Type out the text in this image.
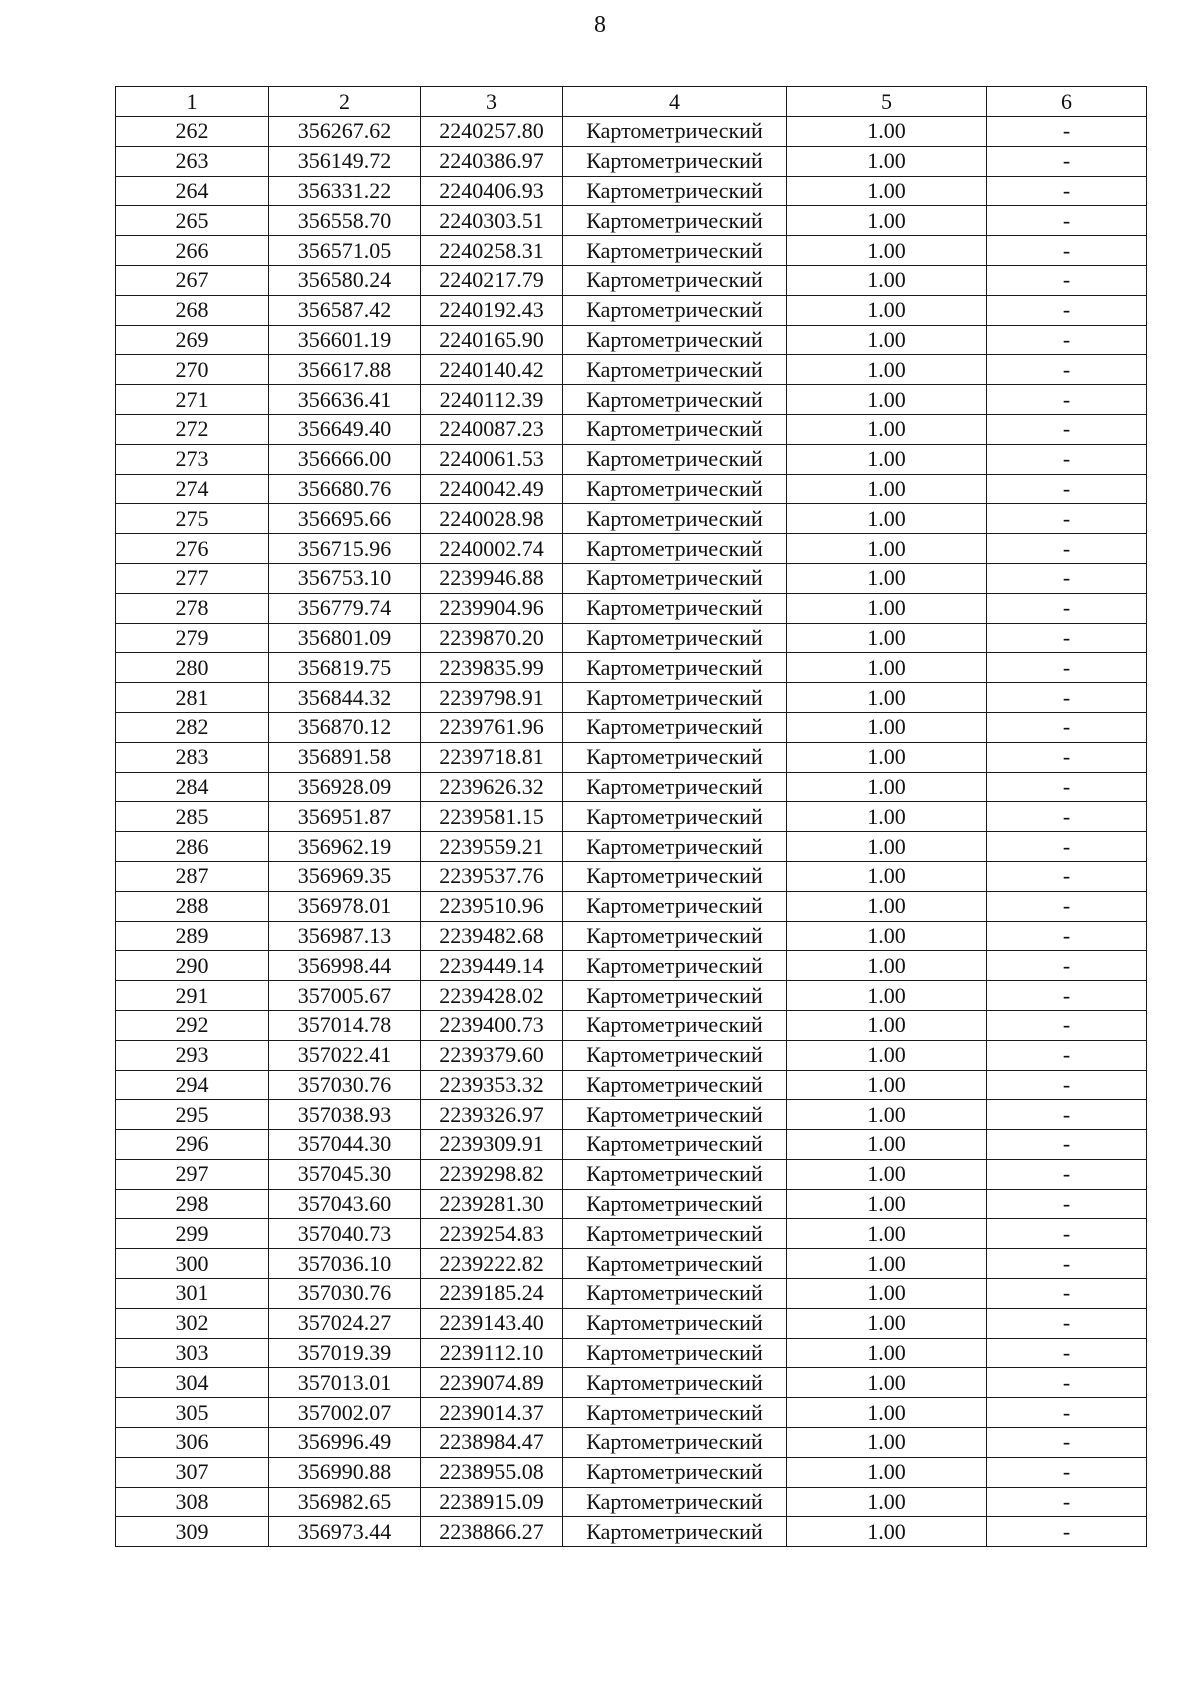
8
1	2	3	4	5	6
262	356267.62	2240257.80	Картометрический	1.00	-
263	356149.72	2240386.97	Картометрический	1.00	-
264	356331.22	2240406.93	Картометрический	1.00	-
265	356558.70	2240303.51	Картометрический	1.00	-
266	356571.05	2240258.31	Картометрический	1.00	-
267	356580.24	2240217.79	Картометрический	1.00	-
268	356587.42	2240192.43	Картометрический	1.00	-
269	356601.19	2240165.90	Картометрический	1.00	-
270	356617.88	2240140.42	Картометрический	1.00	-
271	356636.41	2240112.39	Картометрический	1.00	-
272	356649.40	2240087.23	Картометрический	1.00	-
273	356666.00	2240061.53	Картометрический	1.00	-
274	356680.76	2240042.49	Картометрический	1.00	-
275	356695.66	2240028.98	Картометрический	1.00	-
276	356715.96	2240002.74	Картометрический	1.00	-
277	356753.10	2239946.88	Картометрический	1.00	-
278	356779.74	2239904.96	Картометрический	1.00	-
279	356801.09	2239870.20	Картометрический	1.00	-
280	356819.75	2239835.99	Картометрический	1.00	-
281	356844.32	2239798.91	Картометрический	1.00	-
282	356870.12	2239761.96	Картометрический	1.00	-
283	356891.58	2239718.81	Картометрический	1.00	-
284	356928.09	2239626.32	Картометрический	1.00	-
285	356951.87	2239581.15	Картометрический	1.00	-
286	356962.19	2239559.21	Картометрический	1.00	-
287	356969.35	2239537.76	Картометрический	1.00	-
288	356978.01	2239510.96	Картометрический	1.00	-
289	356987.13	2239482.68	Картометрический	1.00	-
290	356998.44	2239449.14	Картометрический	1.00	-
291	357005.67	2239428.02	Картометрический	1.00	-
292	357014.78	2239400.73	Картометрический	1.00	-
293	357022.41	2239379.60	Картометрический	1.00	-
294	357030.76	2239353.32	Картометрический	1.00	-
295	357038.93	2239326.97	Картометрический	1.00	-
296	357044.30	2239309.91	Картометрический	1.00	-
297	357045.30	2239298.82	Картометрический	1.00	-
298	357043.60	2239281.30	Картометрический	1.00	-
299	357040.73	2239254.83	Картометрический	1.00	-
300	357036.10	2239222.82	Картометрический	1.00	-
301	357030.76	2239185.24	Картометрический	1.00	-
302	357024.27	2239143.40	Картометрический	1.00	-
303	357019.39	2239112.10	Картометрический	1.00	-
304	357013.01	2239074.89	Картометрический	1.00	-
305	357002.07	2239014.37	Картометрический	1.00	-
306	356996.49	2238984.47	Картометрический	1.00	-
307	356990.88	2238955.08	Картометрический	1.00	-
308	356982.65	2238915.09	Картометрический	1.00	-
309	356973.44	2238866.27	Картометрический	1.00	-
